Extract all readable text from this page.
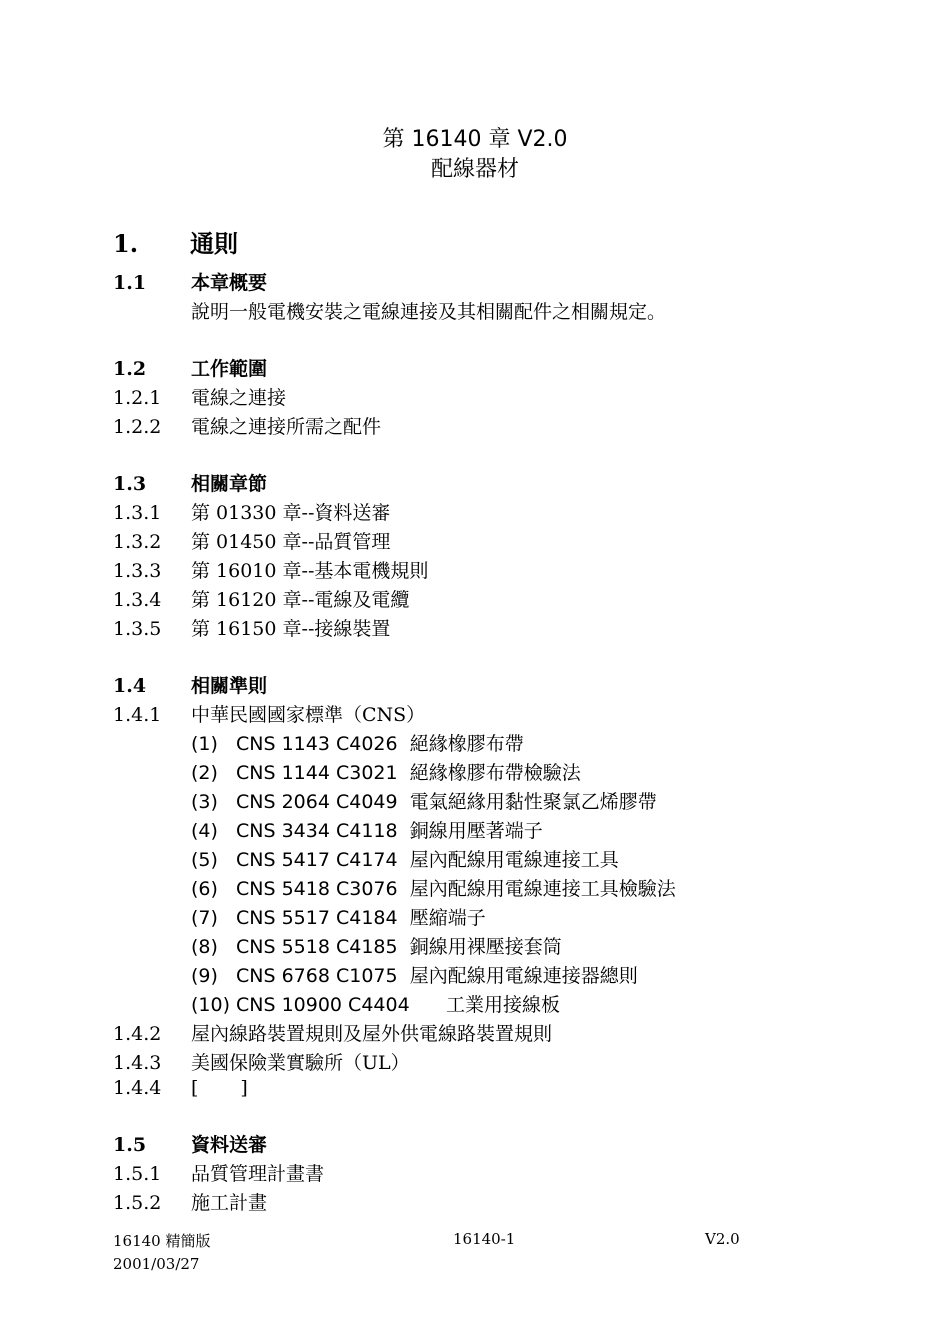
第 16140 章 V2.0
配線器材
1. 通則
1.1 本章概要
說明一般電機安裝之電線連接及其相關配件之相關規定。
1.2 工作範圍
1.2.1 電線之連接
1.2.2 電線之連接所需之配件
1.3 相關章節
1.3.1 第 01330 章--資料送審
1.3.2 第 01450 章--品質管理
1.3.3 第 16010 章--基本電機規則
1.3.4 第 16120 章--電線及電纜
1.3.5 第 16150 章--接線裝置
1.4 相關準則
1.4.1 中華民國國家標準（CNS）
(1) CNS 1143 C4026 絕緣橡膠布帶
(2) CNS 1144 C3021 絕緣橡膠布帶檢驗法
(3) CNS 2064 C4049 電氣絕緣用黏性聚氯乙烯膠帶
(4) CNS 3434 C4118 銅線用壓著端子
(5) CNS 5417 C4174 屋內配線用電線連接工具
(6) CNS 5418 C3076 屋內配線用電線連接工具檢驗法
(7) CNS 5517 C4184 壓縮端子
(8) CNS 5518 C4185 銅線用裸壓接套筒
(9) CNS 6768 C1075 屋內配線用電線連接器總則
(10) CNS 10900 C4404 工業用接線板
1.4.2 屋內線路裝置規則及屋外供電線路裝置規則
1.4.3 美國保險業實驗所（UL）
1.4.4 [ ]
1.5 資料送審
1.5.1 品質管理計畫書
1.5.2 施工計畫
16140 精簡版
2001/03/27
16140-1	V2.0
